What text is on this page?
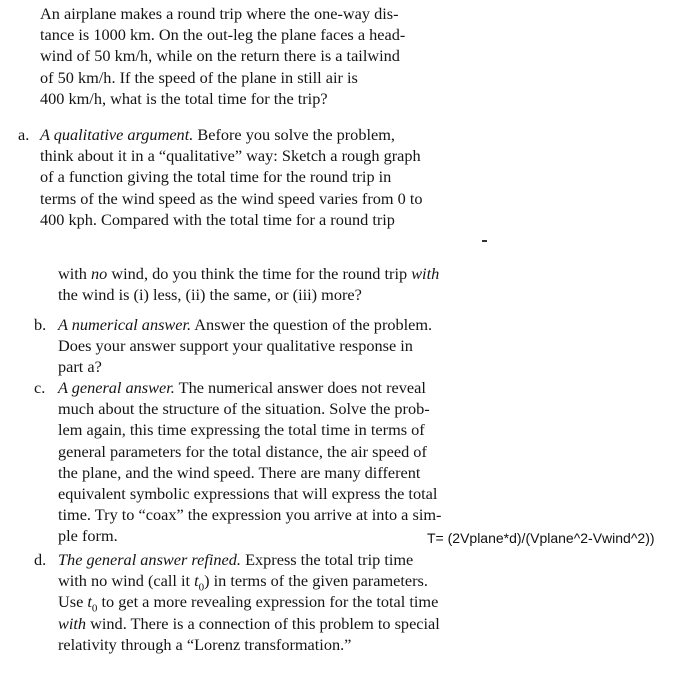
An airplane makes a round trip where the one-way dis-
tance is 1000 km. On the out-leg the plane faces a head-
wind of 50 km/h, while on the return there is a tailwind
of 50 km/h. If the speed of the plane in still air is
400 km/h, what is the total time for the trip?
a. A qualitative argument. Before you solve the problem,
think about it in a “qualitative” way: Sketch a rough graph
of a function giving the total time for the round trip in
terms of the wind speed as the wind speed varies from 0 to
400 kph. Compared with the total time for a round trip
with no wind, do you think the time for the round trip with
the wind is (i) less, (ii) the same, or (iii) more?
b. A numerical answer. Answer the question of the problem.
Does your answer support your qualitative response in
part a?
c. A general answer. The numerical answer does not reveal
much about the structure of the situation. Solve the prob-
lem again, this time expressing the total time in terms of
general parameters for the total distance, the air speed of
the plane, and the wind speed. There are many different
equivalent symbolic expressions that will express the total
time. Try to “coax” the expression you arrive at into a sim-
ple form.	T= (2Vplane*d)/(Vplane^2-Vwind^2))
d. The general answer refined. Express the total trip time
with no wind (call it $t_0$) in terms of the given parameters.
Use $t_0$ to get a more revealing expression for the total time
with wind. There is a connection of this problem to special
relativity through a “Lorenz transformation.”
